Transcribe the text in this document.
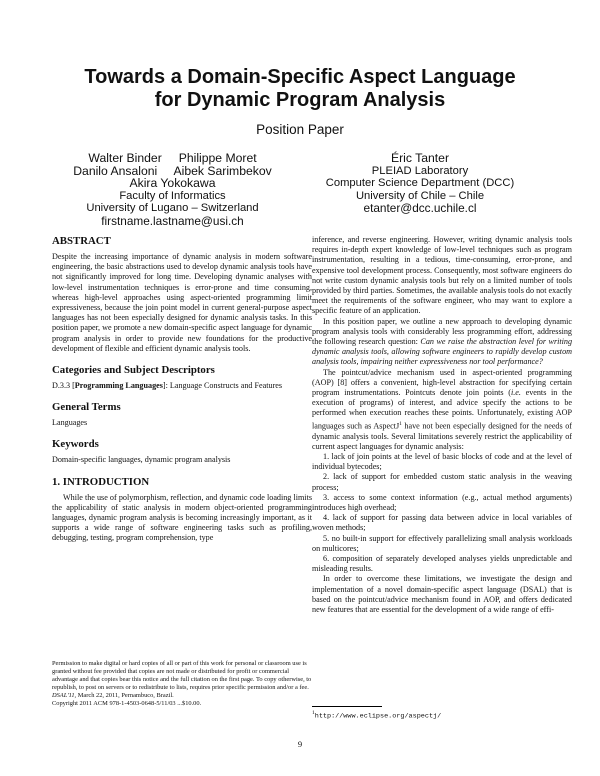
Towards a Domain-Specific Aspect Language
for Dynamic Program Analysis
Position Paper
Walter Binder Philippe Moret
Danilo Ansaloni Aibek Sarimbekov
Akira Yokokawa
Faculty of Informatics
University of Lugano – Switzerland
firstname.lastname@usi.ch
Éric Tanter
PLEIAD Laboratory
Computer Science Department (DCC)
University of Chile – Chile
etanter@dcc.uchile.cl
ABSTRACT

Despite the increasing importance of dynamic analysis in modern software engineering, the basic abstractions used to develop dynamic analysis tools have not significantly improved for long time. Developing dynamic analyses with low-level instrumentation techniques is error-prone and time consuming, whereas high-level approaches using aspect-oriented programming limit expressiveness, because the join point model in current general-purpose aspect languages has not been especially designed for dynamic analysis tasks. In this position paper, we promote a new domain-specific aspect language for dynamic program analysis in order to provide new foundations for the productive development of flexible and efficient dynamic analysis tools.

Categories and Subject Descriptors

D.3.3 [Programming Languages]: Language Constructs and Features

General Terms

Languages

Keywords

Domain-specific languages, dynamic program analysis

1. INTRODUCTION

While the use of polymorphism, reflection, and dynamic code loading limits the applicability of static analysis in modern object-oriented programming languages, dynamic program analysis is becoming increasingly important, as it supports a wide range of software engineering tasks such as profiling, debugging, testing, program comprehension, type

Permission to make digital or hard copies of all or part of this work for personal or classroom use is granted without fee provided that copies are not made or distributed for profit or commercial advantage and that copies bear this notice and the full citation on the first page. To copy otherwise, to republish, to post on servers or to redistribute to lists, requires prior specific permission and/or a fee.
DSAL'11, March 22, 2011, Pernambuco, Brazil.
Copyright 2011 ACM 978-1-4503-0648-5/11/03 ...$10.00.

inference, and reverse engineering. However, writing dynamic analysis tools requires in-depth expert knowledge of low-level techniques such as program instrumentation, resulting in a tedious, time-consuming, error-prone, and expensive tool development process. Consequently, most software engineers do not write custom dynamic analysis tools but rely on a limited number of tools provided by third parties. Sometimes, the available analysis tools do not exactly meet the requirements of the software engineer, who may want to explore a specific feature of an application.

In this position paper, we outline a new approach to developing dynamic program analysis tools with considerably less programming effort, addressing the following research question: Can we raise the abstraction level for writing dynamic analysis tools, allowing software engineers to rapidly develop custom analysis tools, impairing neither expressiveness nor tool performance?

The pointcut/advice mechanism used in aspect-oriented programming (AOP) [8] offers a convenient, high-level abstraction for specifying certain program instrumentations. Pointcuts denote join points (i.e. events in the execution of programs) of interest, and advice specify the actions to be performed when execution reaches these points. Unfortunately, existing AOP languages such as AspectJ$^1$ have not been especially designed for the needs of dynamic analysis tools. Several limitations severely restrict the applicability of current aspect languages for dynamic analysis:

1. lack of join points at the level of basic blocks of code and at the level of individual bytecodes;
2. lack of support for embedded custom static analysis in the weaving process;
3. access to some context information (e.g., actual method arguments) introduces high overhead;
4. lack of support for passing data between advice in local variables of woven methods;
5. no built-in support for effectively parallelizing small analysis workloads on multicores;
6. composition of separately developed analyses yields unpredictable and misleading results.

In order to overcome these limitations, we investigate the design and implementation of a novel domain-specific aspect language (DSAL) that is based on the pointcut/advice mechanism found in AOP, and offers dedicated new features that are essential for the development of a wide range of effi-

$^1$http://www.eclipse.org/aspectj/
9
